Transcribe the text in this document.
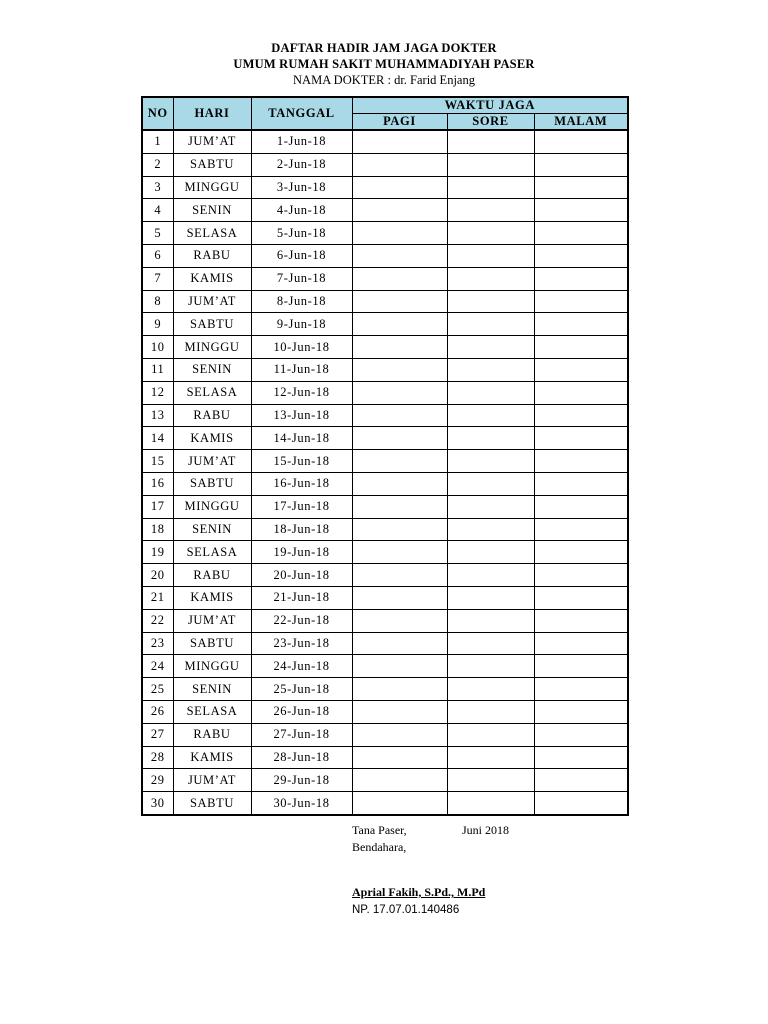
DAFTAR HADIR JAM JAGA DOKTER
UMUM RUMAH SAKIT MUHAMMADIYAH PASER
NAMA DOKTER : dr. Farid Enjang
NO	HARI	TANGGAL	WAKTU JAGA		
			PAGI	SORE	MALAM
1	JUM’AT	1-Jun-18			
2	SABTU	2-Jun-18			
3	MINGGU	3-Jun-18			
4	SENIN	4-Jun-18			
5	SELASA	5-Jun-18			
6	RABU	6-Jun-18			
7	KAMIS	7-Jun-18			
8	JUM’AT	8-Jun-18			
9	SABTU	9-Jun-18			
10	MINGGU	10-Jun-18			
11	SENIN	11-Jun-18			
12	SELASA	12-Jun-18			
13	RABU	13-Jun-18			
14	KAMIS	14-Jun-18			
15	JUM’AT	15-Jun-18			
16	SABTU	16-Jun-18			
17	MINGGU	17-Jun-18			
18	SENIN	18-Jun-18			
19	SELASA	19-Jun-18			
20	RABU	20-Jun-18			
21	KAMIS	21-Jun-18			
22	JUM’AT	22-Jun-18			
23	SABTU	23-Jun-18			
24	MINGGU	24-Jun-18			
25	SENIN	25-Jun-18			
26	SELASA	26-Jun-18			
27	RABU	27-Jun-18			
28	KAMIS	28-Jun-18			
29	JUM’AT	29-Jun-18			
30	SABTU	30-Jun-18			
Tana Paser,	Juni 2018
Bendahara,
Aprial Fakih, S.Pd., M.Pd
NP. 17.07.01.140486
